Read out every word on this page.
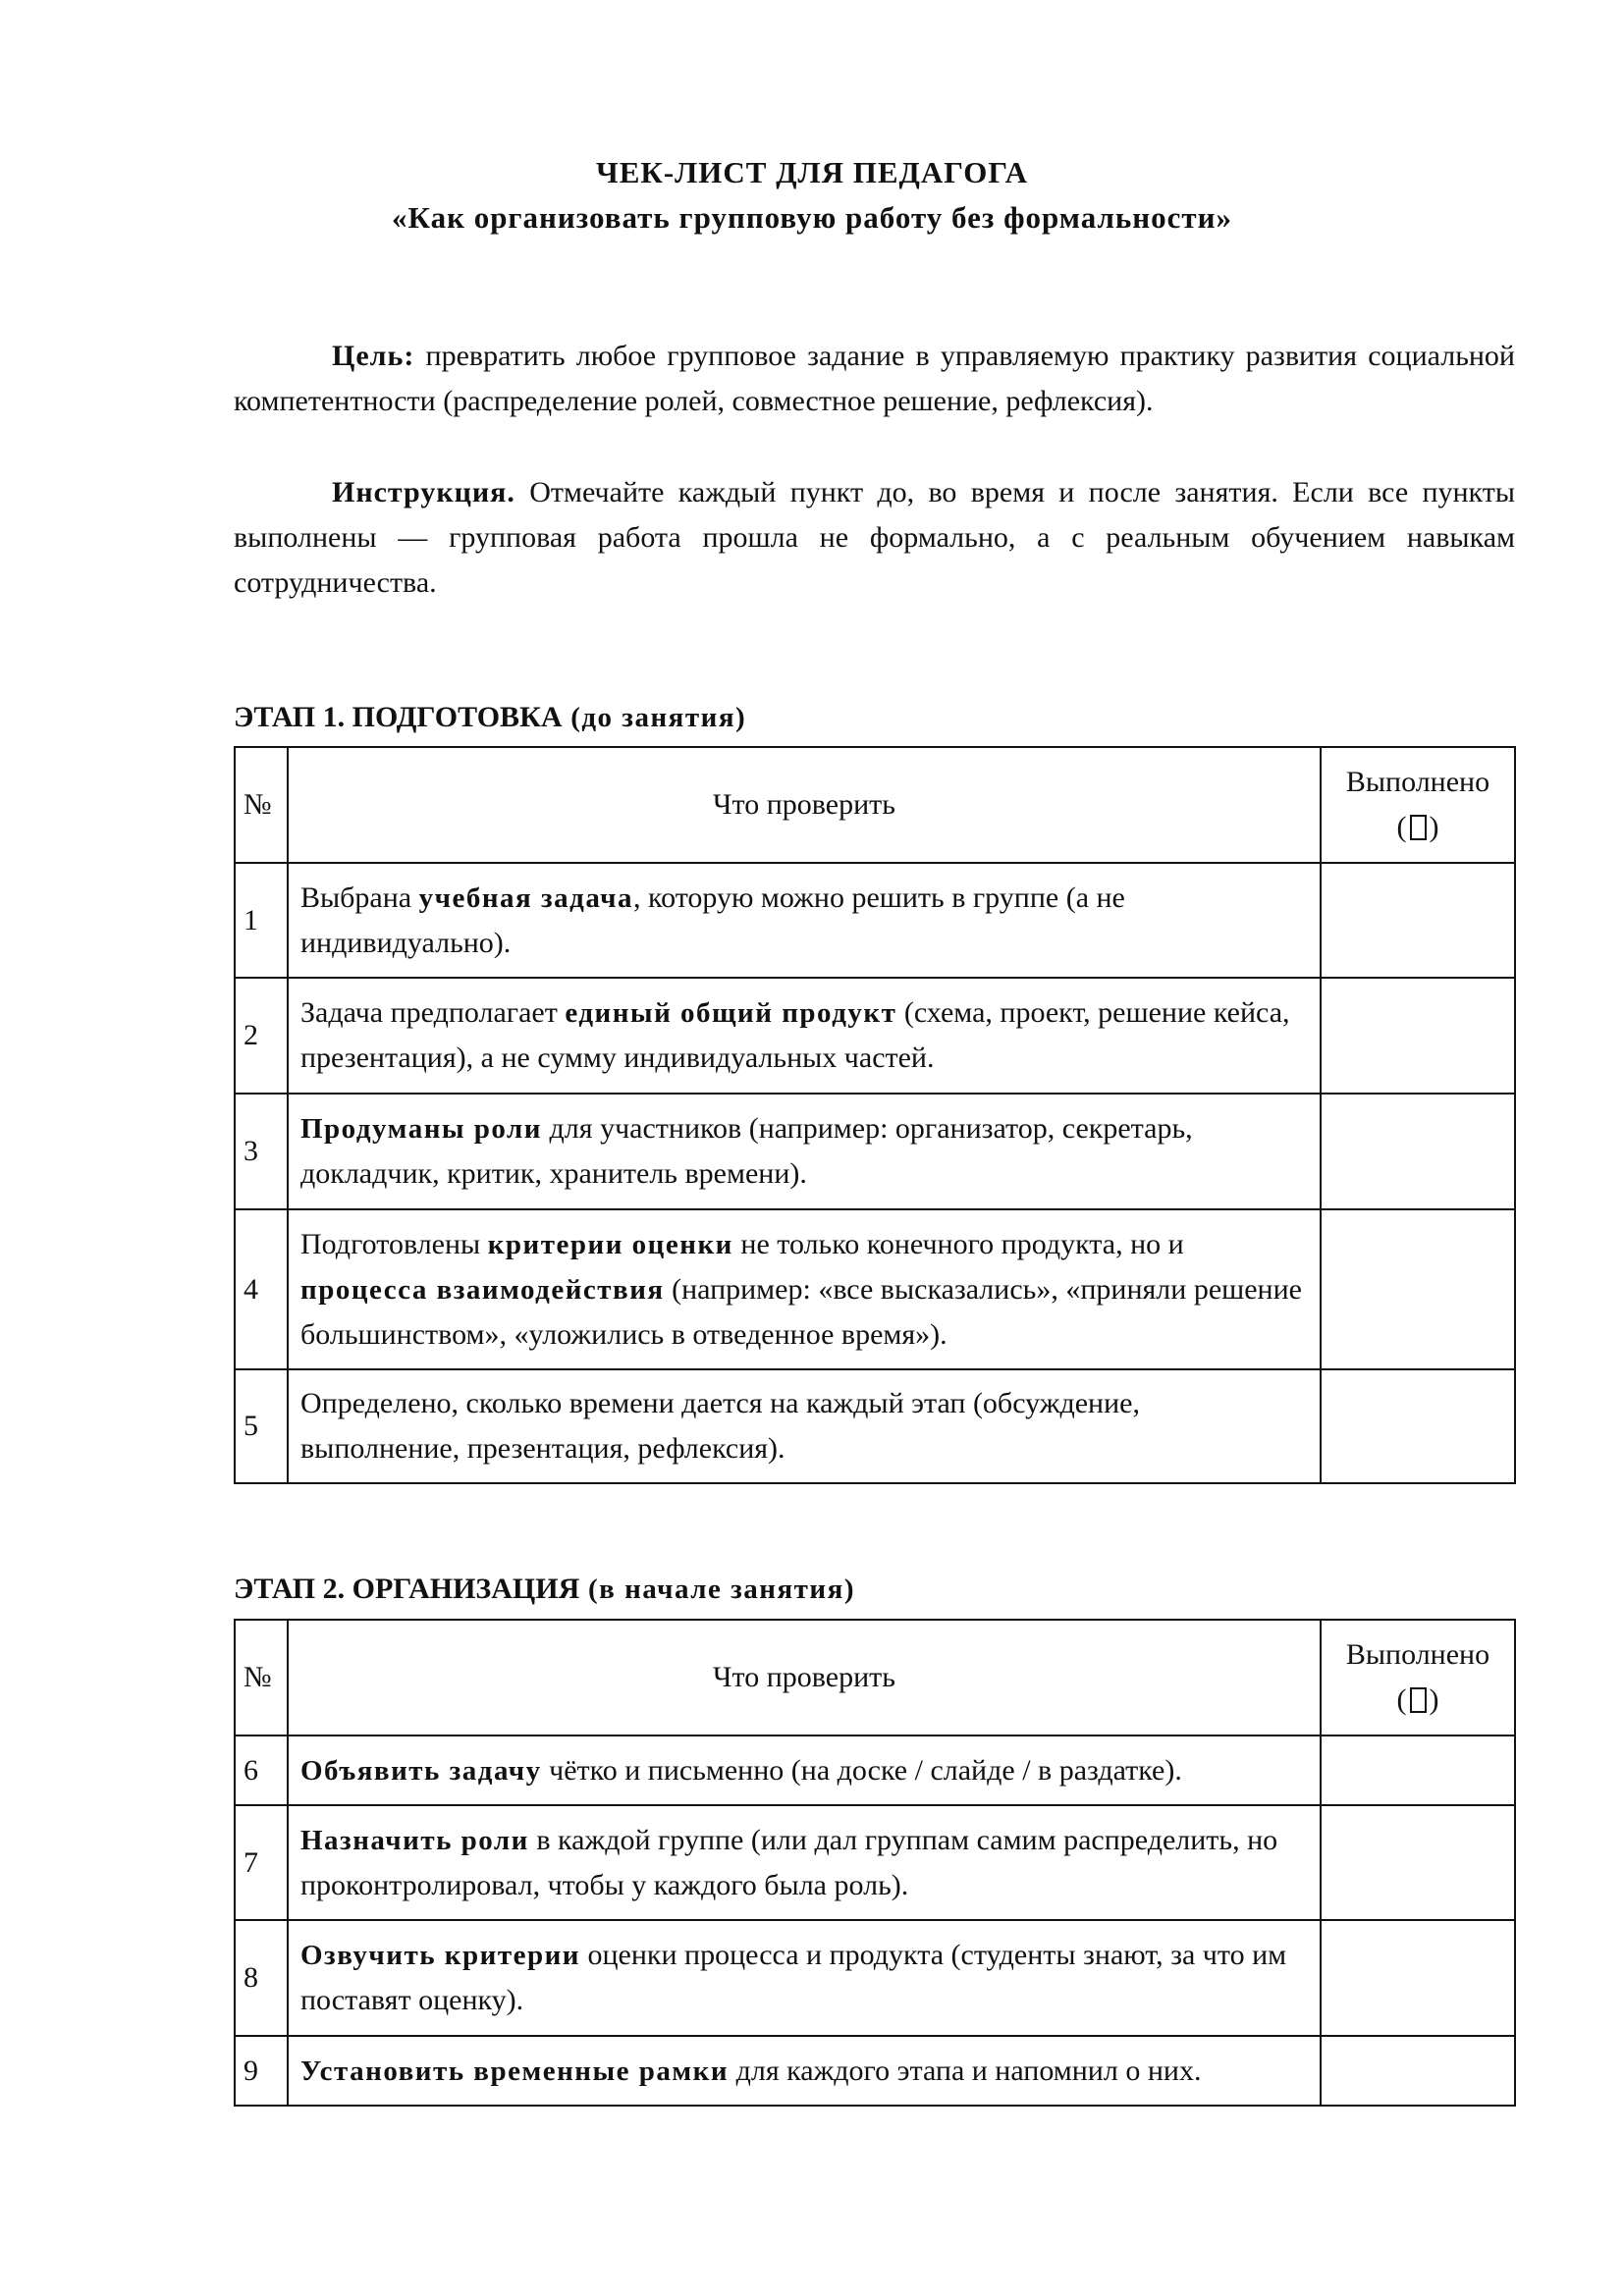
ЧЕК-ЛИСТ ДЛЯ ПЕДАГОГА
«Как организовать групповую работу без формальности»

Цель: превратить любое групповое задание в управляемую практику развития социальной компетентности (распределение ролей, совместное решение, рефлексия).

Инструкция. Отмечайте каждый пункт до, во время и после занятия. Если все пункты выполнены — групповая работа прошла не формально, а с реальным обучением навыкам сотрудничества.

ЭТАП 1. ПОДГОТОВКА (до занятия)

№	Что проверить	Выполнено
( )
1	Выбрана учебная задача, которую можно решить в группе (а не индивидуально).	
2	Задача предполагает единый общий продукт (схема, проект, решение кейса, презентация), а не сумму индивидуальных частей.	
3	Продуманы роли для участников (например: организатор, секретарь, докладчик, критик, хранитель времени).	
4	Подготовлены критерии оценки не только конечного продукта, но и процесса взаимодействия (например: «все высказались», «приняли решение большинством», «уложились в отведенное время»).	
5	Определено, сколько времени дается на каждый этап (обсуждение, выполнение, презентация, рефлексия).	

ЭТАП 2. ОРГАНИЗАЦИЯ (в начале занятия)

№	Что проверить	Выполнено
( )
6	Объявить задачу чётко и письменно (на доске / слайде / в раздатке).	
7	Назначить роли в каждой группе (или дал группам самим распределить, но проконтролировал, чтобы у каждого была роль).	
8	Озвучить критерии оценки процесса и продукта (студенты знают, за что им поставят оценку).	
9	Установить временные рамки для каждого этапа и напомнил о них.	
